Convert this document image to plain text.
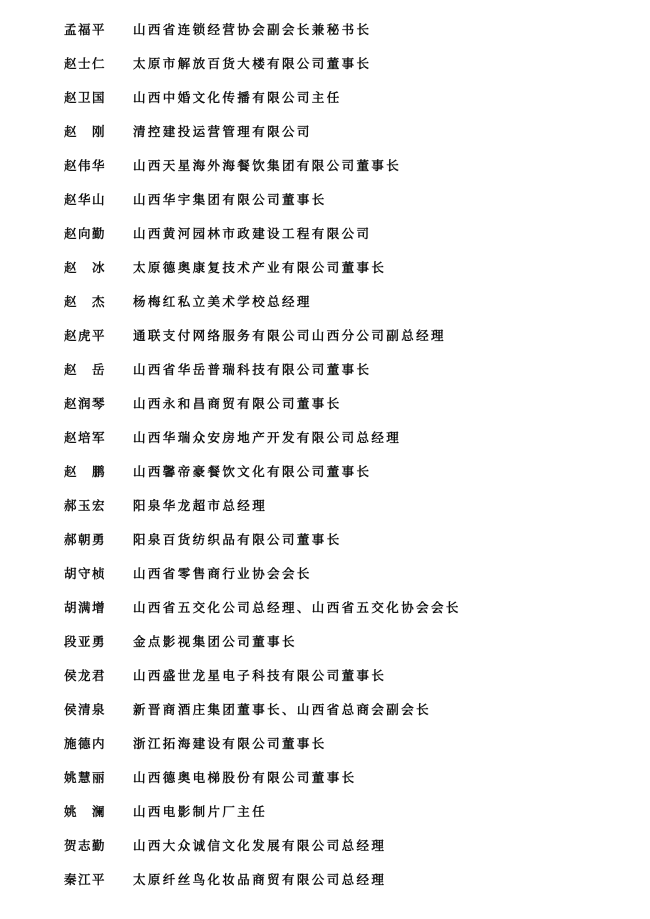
孟福平	山西省连锁经营协会副会长兼秘书长
赵士仁	太原市解放百货大楼有限公司董事长
赵卫国	山西中婚文化传播有限公司主任
赵　刚	清控建投运营管理有限公司
赵伟华	山西天星海外海餐饮集团有限公司董事长
赵华山	山西华宇集团有限公司董事长
赵向勤	山西黄河园林市政建设工程有限公司
赵　冰	太原德奥康复技术产业有限公司董事长
赵　杰	杨梅红私立美术学校总经理
赵虎平	通联支付网络服务有限公司山西分公司副总经理
赵　岳	山西省华岳普瑞科技有限公司董事长
赵润琴	山西永和昌商贸有限公司董事长
赵培军	山西华瑞众安房地产开发有限公司总经理
赵　鹏	山西馨帝豪餐饮文化有限公司董事长
郝玉宏	阳泉华龙超市总经理
郝朝勇	阳泉百货纺织品有限公司董事长
胡守桢	山西省零售商行业协会会长
胡满增	山西省五交化公司总经理、山西省五交化协会会长
段亚勇	金点影视集团公司董事长
侯龙君	山西盛世龙星电子科技有限公司董事长
侯清泉	新晋商酒庄集团董事长、山西省总商会副会长
施德内	浙江拓海建设有限公司董事长
姚慧丽	山西德奥电梯股份有限公司董事长
姚　澜	山西电影制片厂主任
贺志勤	山西大众诚信文化发展有限公司总经理
秦江平	太原纤丝鸟化妆品商贸有限公司总经理
